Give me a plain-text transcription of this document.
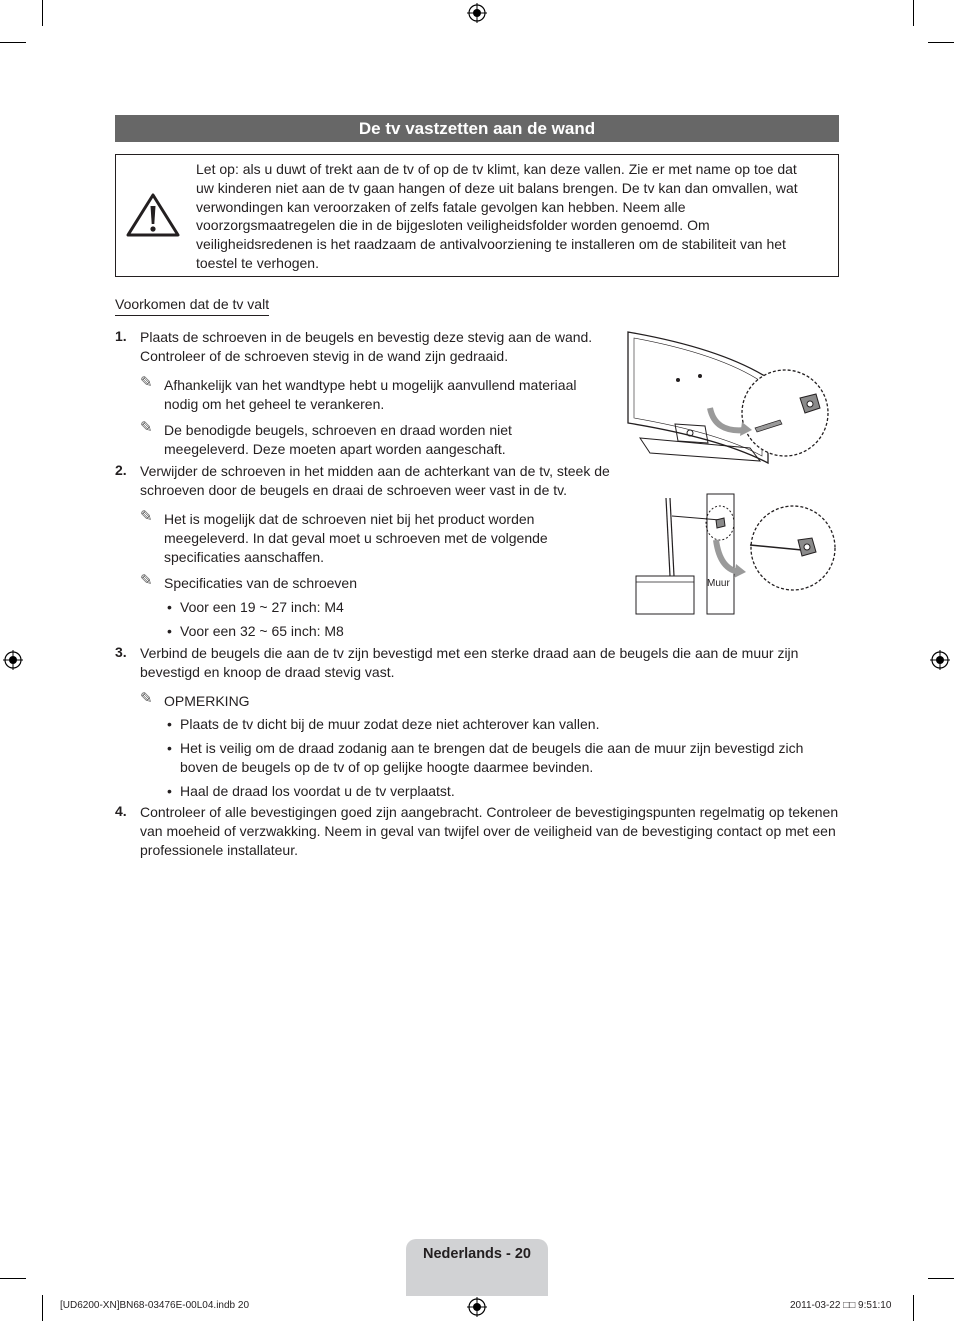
De tv vastzetten aan de wand
Let op: als u duwt of trekt aan de tv of op de tv klimt, kan deze vallen. Zie er met name op toe dat uw kinderen niet aan de tv gaan hangen of deze uit balans brengen. De tv kan dan omvallen, wat verwondingen kan veroorzaken of zelfs fatale gevolgen kan hebben. Neem alle voorzorgsmaatregelen die in de bijgesloten veiligheidsfolder worden genoemd. Om veiligheidsredenen is het raadzaam de antivalvoorziening te installeren om de stabiliteit van het toestel te verhogen.
Voorkomen dat de tv valt
1. Plaats de schroeven in de beugels en bevestig deze stevig aan de wand. Controleer of de schroeven stevig in de wand zijn gedraaid.
✎ Afhankelijk van het wandtype hebt u mogelijk aanvullend materiaal nodig om het geheel te verankeren.
✎ De benodigde beugels, schroeven en draad worden niet meegeleverd. Deze moeten apart worden aangeschaft.
2. Verwijder de schroeven in het midden aan de achterkant van de tv, steek de schroeven door de beugels en draai de schroeven weer vast in de tv.
✎ Het is mogelijk dat de schroeven niet bij het product worden meegeleverd. In dat geval moet u schroeven met de volgende specificaties aanschaffen.
✎ Specificaties van de schroeven
• Voor een 19 ~ 27 inch: M4
• Voor een 32 ~ 65 inch: M8
3. Verbind de beugels die aan de tv zijn bevestigd met een sterke draad aan de beugels die aan de muur zijn bevestigd en knoop de draad stevig vast.
✎ OPMERKING
• Plaats de tv dicht bij de muur zodat deze niet achterover kan vallen.
• Het is veilig om de draad zodanig aan te brengen dat de beugels die aan de muur zijn bevestigd zich boven de beugels op de tv of op gelijke hoogte daarmee bevinden.
• Haal de draad los voordat u de tv verplaatst.
4. Controleer of alle bevestigingen goed zijn aangebracht. Controleer de bevestigingspunten regelmatig op tekenen van moeheid of verzwakking. Neem in geval van twijfel over de veiligheid van de bevestiging contact op met een professionele installateur.
Muur
Nederlands - 20
[UD6200-XN]BN68-03476E-00L04.indb 20	2011-03-22 □□ 9:51:10
